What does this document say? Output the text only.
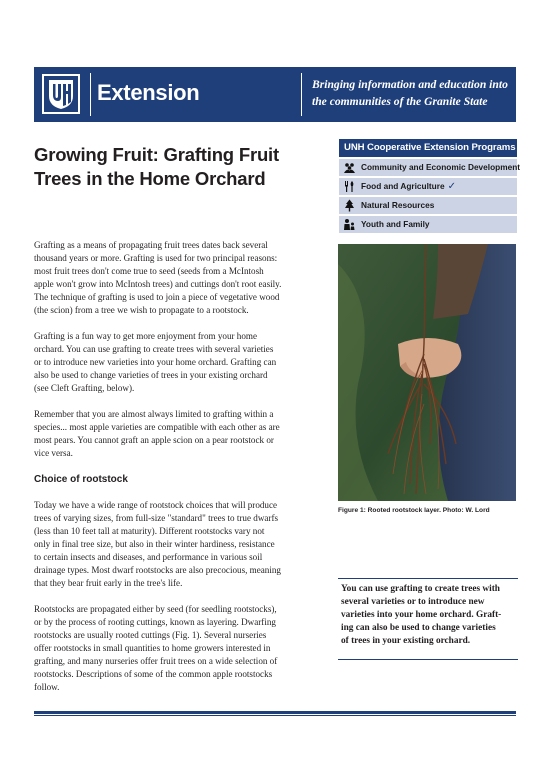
Extension	Bringing information and education into the communities of the Granite State
Growing Fruit: Grafting Fruit Trees in the Home Orchard
UNH Cooperative Extension Programs
Community and Economic Development
Food and Agriculture ✓
Natural Resources
Youth and Family

Grafting as a means of propagating fruit trees dates back several
thousand years or more. Grafting is used for two principal reasons:
most fruit trees don't come true to seed (seeds from a McIntosh
apple won't grow into McIntosh trees) and cuttings don't root easily.
The technique of grafting is used to join a piece of vegetative wood
(the scion) from a tree we wish to propagate to a rootstock.

Grafting is a fun way to get more enjoyment from your home
orchard. You can use grafting to create trees with several varieties
or to introduce new varieties into your home orchard. Grafting can
also be used to change varieties of trees in your existing orchard
(see Cleft Grafting, below).

Remember that you are almost always limited to grafting within a
species... most apple varieties are compatible with each other as are
most pears. You cannot graft an apple scion on a pear rootstock or
vice versa.

Choice of rootstock

Today we have a wide range of rootstock choices that will produce
trees of varying sizes, from full-size "standard" trees to true dwarfs
(less than 10 feet tall at maturity). Different rootstocks vary not
only in final tree size, but also in their winter hardiness, resistance
to certain insects and diseases, and performance in various soil
drainage types. Most dwarf rootstocks are also precocious, meaning
that they bear fruit early in the tree's life.

Rootstocks are propagated either by seed (for seedling rootstocks),
or by the process of rooting cuttings, known as layering. Dwarfing
rootstocks are usually rooted cuttings (Fig. 1). Several nurseries
offer rootstocks in small quantities to home growers interested in
grafting, and many nurseries offer fruit trees on a wide selection of
rootstocks. Descriptions of some of the common apple rootstocks
follow.

Figure 1: Rooted rootstock layer. Photo: W. Lord

You can use grafting to create trees with
several varieties or to introduce new
varieties into your home orchard. Graft-
ing can also be used to change varieties
of trees in your existing orchard.
